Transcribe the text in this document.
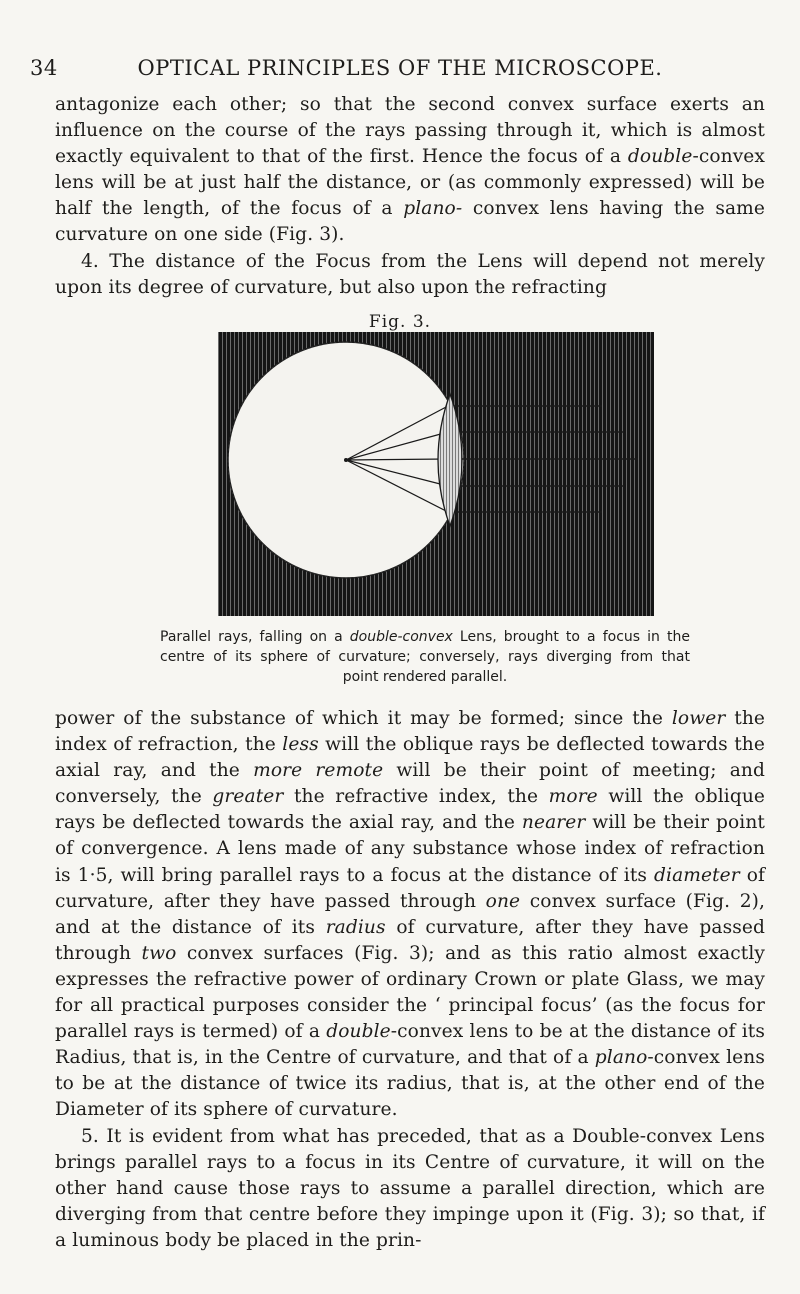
34	OPTICAL PRINCIPLES OF THE MICROSCOPE.

antagonize each other; so that the second convex surface exerts an influence on the course of the rays passing through it, which is almost exactly equivalent to that of the first. Hence the focus of a double-convex lens will be at just half the distance, or (as commonly expressed) will be half the length, of the focus of a plano- convex lens having the same curvature on one side (Fig. 3).

4. The distance of the Focus from the Lens will depend not merely upon its degree of curvature, but also upon the refracting

Fig. 3.
Parallel rays, falling on a double-convex Lens, brought to a focus in the centre of its sphere of curvature; conversely, rays diverging from that point rendered parallel.

power of the substance of which it may be formed; since the lower the index of refraction, the less will the oblique rays be deflected towards the axial ray, and the more remote will be their point of meeting; and conversely, the greater the refractive index, the more will the oblique rays be deflected towards the axial ray, and the nearer will be their point of convergence. A lens made of any substance whose index of refraction is 1·5, will bring parallel rays to a focus at the distance of its diameter of curvature, after they have passed through one convex surface (Fig. 2), and at the distance of its radius of curvature, after they have passed through two convex surfaces (Fig. 3); and as this ratio almost exactly expresses the refractive power of ordinary Crown or plate Glass, we may for all practical purposes consider the ‘ principal focus’ (as the focus for parallel rays is termed) of a double-convex lens to be at the distance of its Radius, that is, in the Centre of curvature, and that of a plano-convex lens to be at the distance of twice its radius, that is, at the other end of the Diameter of its sphere of curvature.

5. It is evident from what has preceded, that as a Double-convex Lens brings parallel rays to a focus in its Centre of curvature, it will on the other hand cause those rays to assume a parallel direction, which are diverging from that centre before they impinge upon it (Fig. 3); so that, if a luminous body be placed in the prin-
